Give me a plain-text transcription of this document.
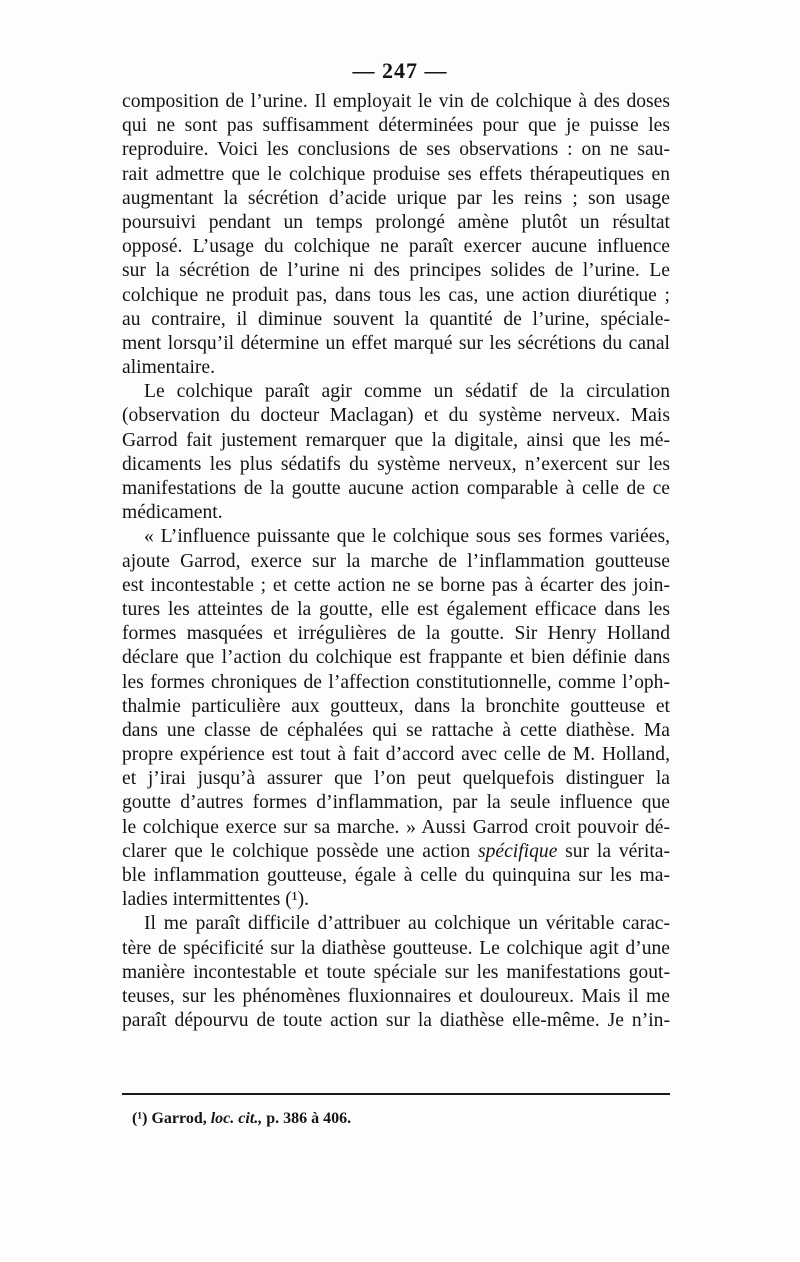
— 247 —
composition de l’urine. Il employait le vin de colchique à des doses
qui ne sont pas suffisamment déterminées pour que je puisse les
reproduire. Voici les conclusions de ses observations : on ne sau-
rait admettre que le colchique produise ses effets thérapeutiques en
augmentant la sécrétion d’acide urique par les reins ; son usage
poursuivi pendant un temps prolongé amène plutôt un résultat
opposé. L’usage du colchique ne paraît exercer aucune influence
sur la sécrétion de l’urine ni des principes solides de l’urine. Le
colchique ne produit pas, dans tous les cas, une action diurétique ;
au contraire, il diminue souvent la quantité de l’urine, spéciale-
ment lorsqu’il détermine un effet marqué sur les sécrétions du canal
alimentaire.
Le colchique paraît agir comme un sédatif de la circulation
(observation du docteur Maclagan) et du système nerveux. Mais
Garrod fait justement remarquer que la digitale, ainsi que les mé-
dicaments les plus sédatifs du système nerveux, n’exercent sur les
manifestations de la goutte aucune action comparable à celle de ce
médicament.
« L’influence puissante que le colchique sous ses formes variées,
ajoute Garrod, exerce sur la marche de l’inflammation goutteuse
est incontestable ; et cette action ne se borne pas à écarter des join-
tures les atteintes de la goutte, elle est également efficace dans les
formes masquées et irrégulières de la goutte. Sir Henry Holland
déclare que l’action du colchique est frappante et bien définie dans
les formes chroniques de l’affection constitutionnelle, comme l’oph-
thalmie particulière aux goutteux, dans la bronchite goutteuse et
dans une classe de céphalées qui se rattache à cette diathèse. Ma
propre expérience est tout à fait d’accord avec celle de M. Holland,
et j’irai jusqu’à assurer que l’on peut quelquefois distinguer la
goutte d’autres formes d’inflammation, par la seule influence que
le colchique exerce sur sa marche. » Aussi Garrod croit pouvoir dé-
clarer que le colchique possède une action spécifique sur la vérita-
ble inflammation goutteuse, égale à celle du quinquina sur les ma-
ladies intermittentes (¹).
Il me paraît difficile d’attribuer au colchique un véritable carac-
tère de spécificité sur la diathèse goutteuse. Le colchique agit d’une
manière incontestable et toute spéciale sur les manifestations gout-
teuses, sur les phénomènes fluxionnaires et douloureux. Mais il me
paraît dépourvu de toute action sur la diathèse elle-même. Je n’in-
(¹) Garrod, loc. cit., p. 386 à 406.
